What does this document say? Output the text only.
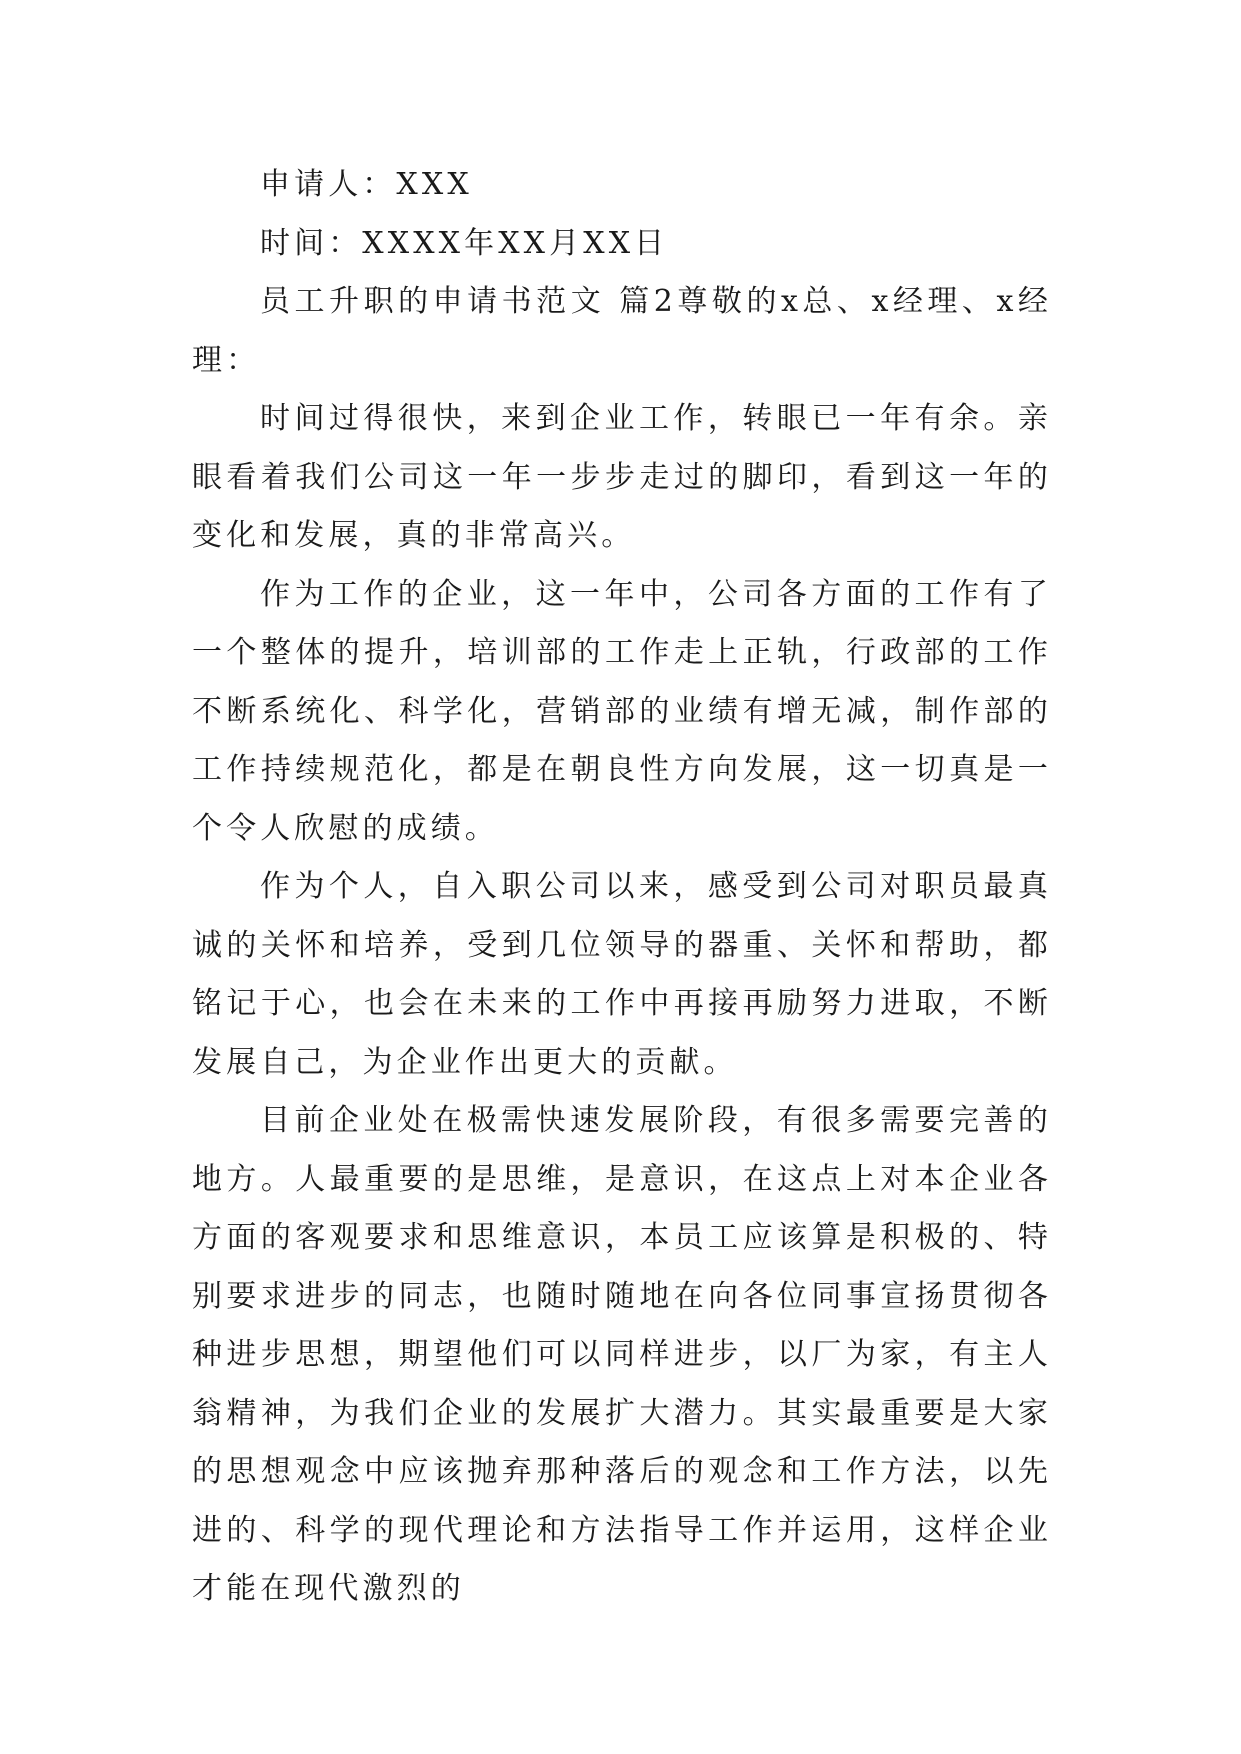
申请人：XXX

时间：XXXX年XX月XX日

员工升职的申请书范文 篇2尊敬的x总、x经理、x经理：

时间过得很快，来到企业工作，转眼已一年有余。亲眼看着我们公司这一年一步步走过的脚印，看到这一年的变化和发展，真的非常高兴。

作为工作的企业，这一年中，公司各方面的工作有了一个整体的提升，培训部的工作走上正轨，行政部的工作不断系统化、科学化，营销部的业绩有增无减，制作部的工作持续规范化，都是在朝良性方向发展，这一切真是一个令人欣慰的成绩。

作为个人，自入职公司以来，感受到公司对职员最真诚的关怀和培养，受到几位领导的器重、关怀和帮助，都铭记于心，也会在未来的工作中再接再励努力进取，不断发展自己，为企业作出更大的贡献。

目前企业处在极需快速发展阶段，有很多需要完善的地方。人最重要的是思维，是意识，在这点上对本企业各方面的客观要求和思维意识，本员工应该算是积极的、特别要求进步的同志，也随时随地在向各位同事宣扬贯彻各种进步思想，期望他们可以同样进步，以厂为家，有主人翁精神，为我们企业的发展扩大潜力。其实最重要是大家的思想观念中应该抛弃那种落后的观念和工作方法，以先进的、科学的现代理论和方法指导工作并运用，这样企业才能在现代激烈的
